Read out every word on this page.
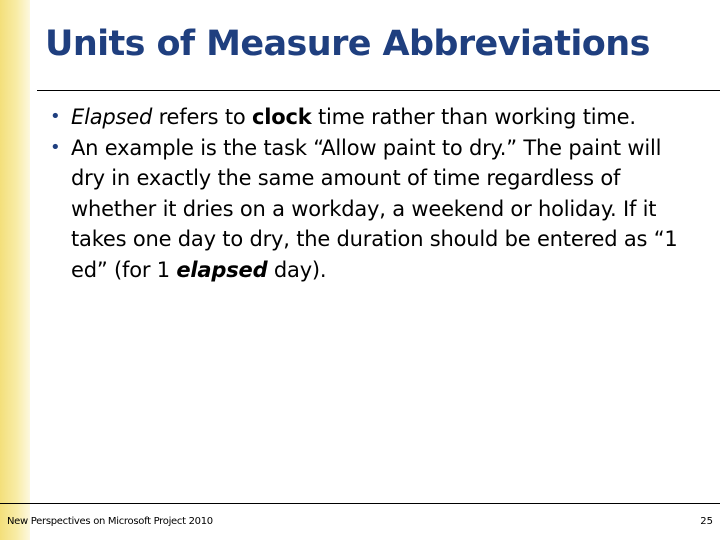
Units of Measure Abbreviations
• Elapsed refers to clock time rather than working time.
• An example is the task “Allow paint to dry.” The paint will dry in exactly the same amount of time regardless of whether it dries on a workday, a weekend or holiday. If it takes one day to dry, the duration should be entered as “1 ed” (for 1 elapsed day).
New Perspectives on Microsoft Project 2010	25
